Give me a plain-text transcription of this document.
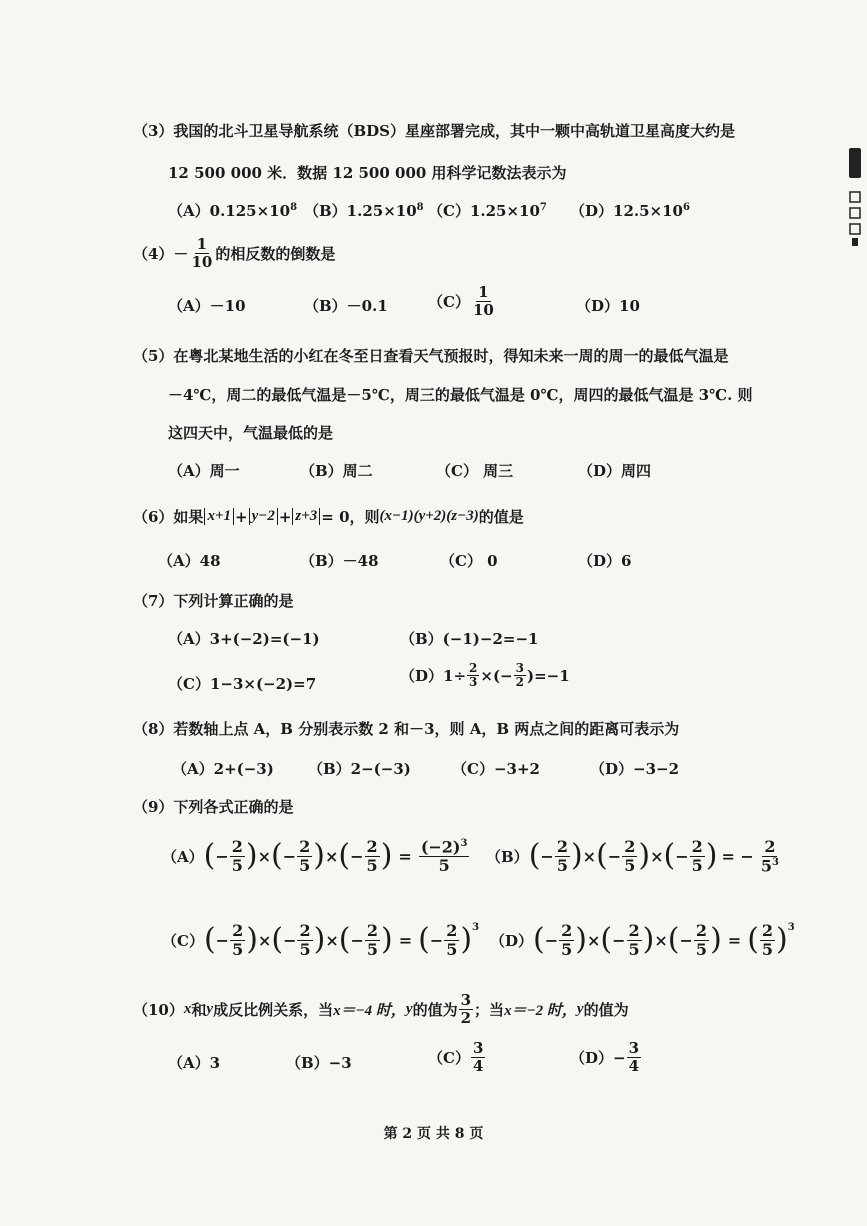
（3）我国的北斗卫星导航系统（BDS）星座部署完成，其中一颗中高轨道卫星高度大约是
12 500 000 米．数据 12 500 000 用科学记数法表示为
$(A)0.125\times 10^8$ $(B)1.25\times 10^8$ $(C)1.25\times 10^7$ $(D)12.5\times 10^6$
$(4)- \frac{1}{10}$ 的相反数的倒数是
（A）－10	（B）－0.1	$(C) \frac{1}{10}$	（D）10
（5）在粤北某地生活的小红在冬至日查看天气预报时，得知未来一周的周一的最低气温是
－4℃，周二的最低气温是－5℃，周三的最低气温是 0℃，周四的最低气温是 3℃. 则
这四天中，气温最低的是
（A）周一	（B）周二	（C） 周三	（D）周四
（6）如果 x+1 + y−2 + z+3 = 0，则 (x−1)(y+2)(z−3) 的值是
（A）48	（B）－48	（C） 0	（D）6
（7）下列计算正确的是
（A）3+(−2)=(−1)	（B）(−1)−2=−1
（C）1−3×(−2)=7	$(D)1\div \frac{2}{3}$ ×(− $\frac{3}{2} )=-1$
（8）若数轴上点 A，B 分别表示数 2 和－3，则 A，B 两点之间的距离可表示为
（A）2+(−3) （B）2−(−3)	（C）−3+2	（D）−3−2
（9）下列各式正确的是
（A） ( − $\frac{2}{5}$ ) × ( − $\frac{2}{5}$ ) × ( − $\frac{2}{5}$ ) = $\frac{(-2)^3}{5} (B)$ ( − $\frac{2}{5}$ ) × ( − $\frac{2}{5}$ ) × ( − $\frac{2}{5}$ ) = − $\frac{2}{5^3}$
（C） ( − $\frac{2}{5}$ ) × ( − $\frac{2}{5}$ ) × ( − $\frac{2}{5}$ ) = ( − $\frac{2}{5}$ ) 3
（D） ( − $\frac{2}{5}$ ) × ( − $\frac{2}{5}$ ) × ( − $\frac{2}{5}$ ) = ( $\frac{2}{5}$ ) 3
（10） x 和 y 成反比例关系，当 x＝−4 时， y 的值为 $\frac{3}{2}$ ；当 x＝−2 时， y 的值为
（A）3	（B）−3	$(C) \frac{3}{4}$	$(D)- \frac{3}{4}$
第 2 页 共 8 页
